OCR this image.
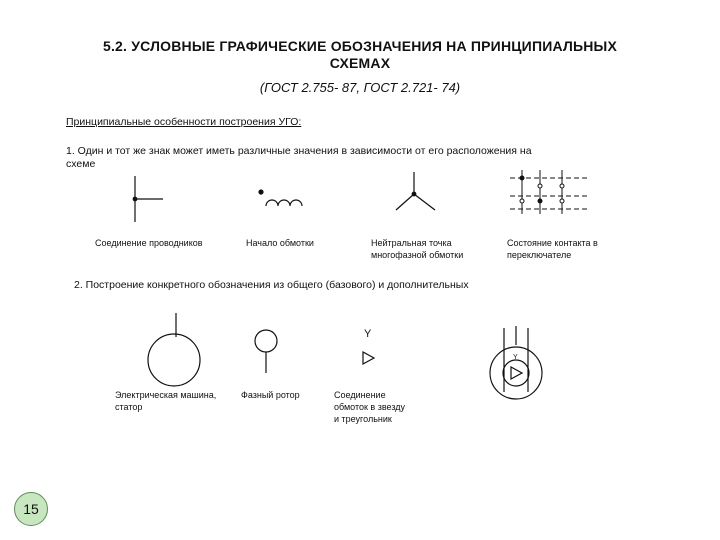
5.2. УСЛОВНЫЕ ГРАФИЧЕСКИЕ ОБОЗНАЧЕНИЯ НА ПРИНЦИПИАЛЬНЫХ
СХЕМАХ
(ГОСТ 2.755- 87, ГОСТ 2.721- 74)
Принципиальные особенности построения УГО:
1. Один и тот же знак может иметь различные значения в зависимости от его расположения на
схеме
Соединение проводников	Начало обмотки	Нейтральная точка
многофазной обмотки
Состояние контакта в
переключателе
2. Построение конкретного обозначения из общего (базового) и дополнительных
Электрическая машина,
статор
Фазный ротор	Соединение
обмоток в звезду
и треугольник
Y
Y
15
